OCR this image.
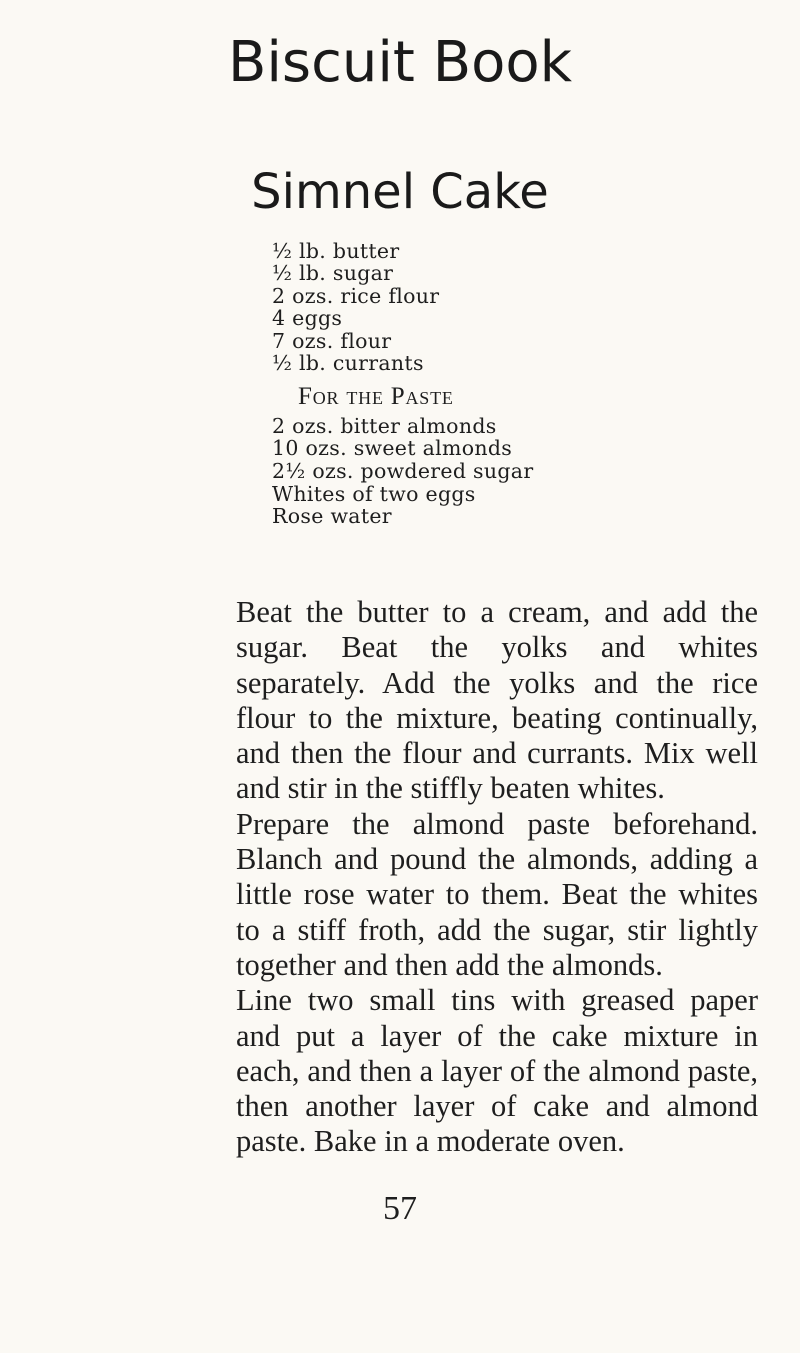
Biscuit Book
Simnel Cake
½ lb. butter
½ lb. sugar
2 ozs. rice flour
4 eggs
7 ozs. flour
½ lb. currants
For the Paste
2 ozs. bitter almonds
10 ozs. sweet almonds
2½ ozs. powdered sugar
Whites of two eggs
Rose water

Beat the butter to a cream, and add the sugar. Beat the yolks and whites separately. Add the yolks and the rice flour to the mixture, beating continually, and then the flour and currants. Mix well and stir in the stiffly beaten whites.

Prepare the almond paste beforehand. Blanch and pound the almonds, adding a little rose water to them. Beat the whites to a stiff froth, add the sugar, stir lightly together and then add the almonds.

Line two small tins with greased paper and put a layer of the cake mixture in each, and then a layer of the almond paste, then another layer of cake and almond paste. Bake in a moderate oven.

57
